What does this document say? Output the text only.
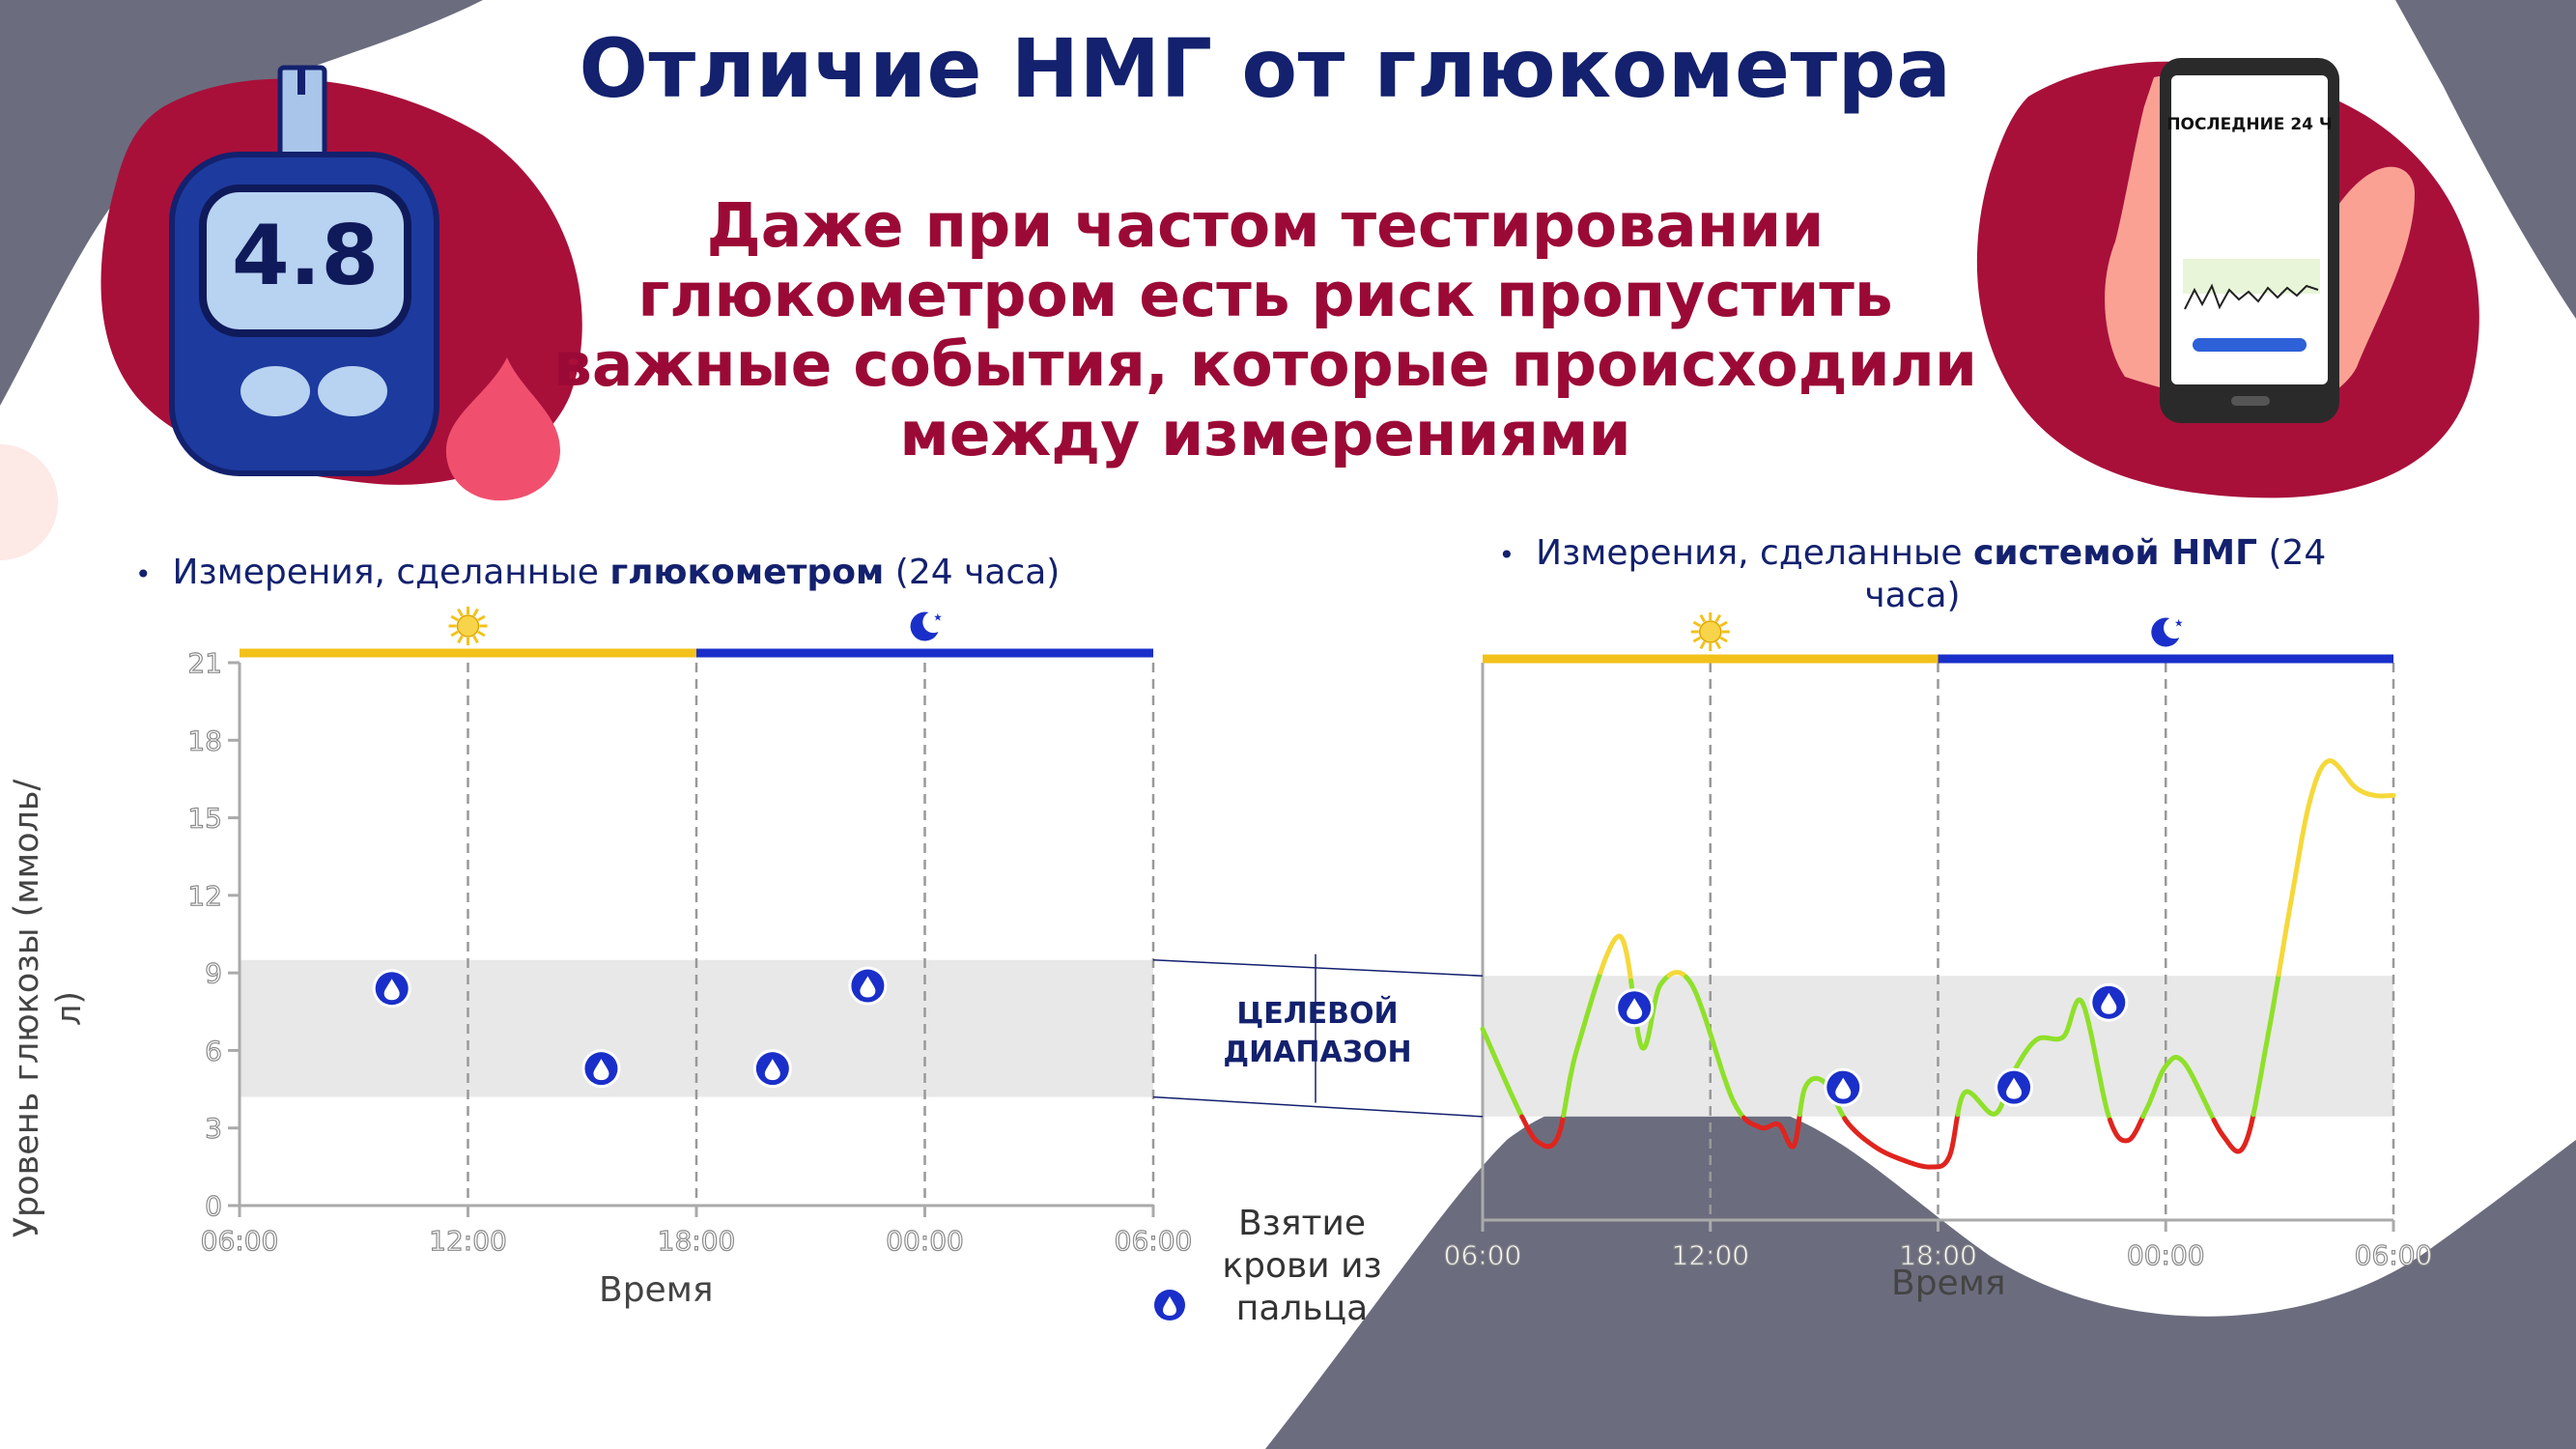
ПОСЛЕДНИЕ 24 Ч
Отличие НМГ от глюкометра
Даже при частом тестировании глюкометром есть риск пропустить важные события, которые происходили между измерениями
4.8
• Измерения, сделанные глюкометром (24 часа)	• Измерения, сделанные системой НМГ (24 часа)
06:00	12:00	18:00	00:00	06:00
0
3
6
9
12
15
18
21
06:00	12:00	18:00	00:00	06:00
Уровень глюкозы (ммоль/л)
Время	Время
ЦЕЛЕВОЙ ДИАПАЗОН
Взятие крови из пальца
